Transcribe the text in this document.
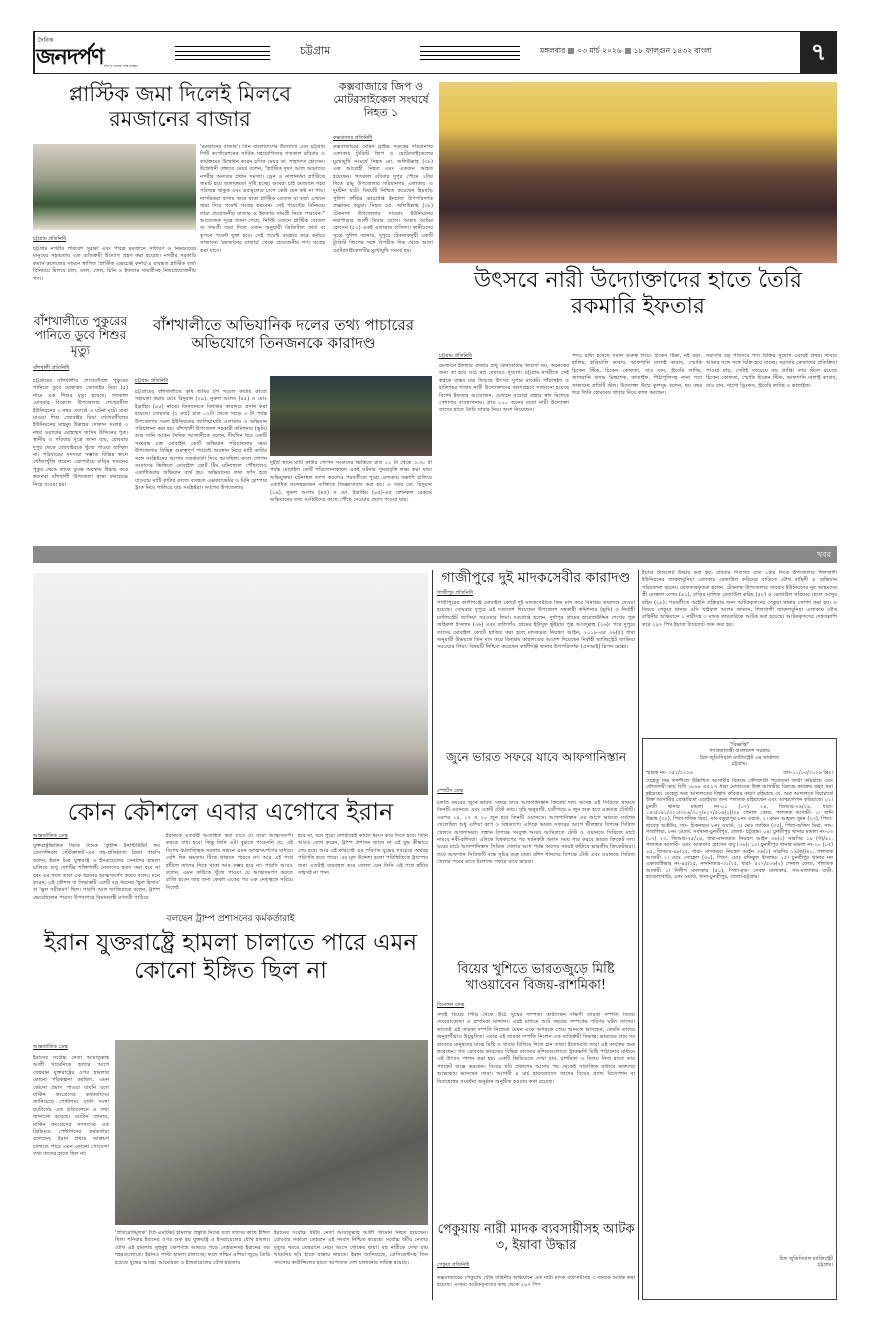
দৈনিক
জনদর্পণ সত্য ও ন্যায়ের পক্ষে সোচ্চার
চট্টগ্রাম	মঙ্গলবার ০৩ মার্চ ২০২৬ ১৮ ফাল্গুন ১৪৩২ বাংলা	৭
প্লাস্টিক জমা দিলেই মিলবে রমজানের বাজার
চট্টগ্রাম প্রতিনিধি
চট্টগ্রাম নগরীর পরিবেশ সুরক্ষা এবং পবিত্র রমজানে সাধারণ ও নিম্নআয়ের মানুষের সহায়তায় এক ব্যতিক্রমী উদ্যোগ গ্রহণ করা হয়েছে। নগরীর সরকারি কমার্স কলেজের সামনে স্থাপিত 'প্লাস্টিক এক্সচেঞ্জ কর্নার'এ ব্যবহৃত প্লাস্টিক বর্জ্য বিনিময়ে মিলবে চাল, ডাল, তেল, চিনি ও ইফতার সামগ্রীসহ নিত্যপ্রয়োজনীয় পণ্য।
'রমজানের বাজার'। গ্রিন বাংলাদেশের উদ্যোগে এবং চট্টগ্রাম সিটি কর্পোরেশনের সার্বিক সহযোগিতায় গতকাল রবিবার এ কার্যক্রমের উদ্বোধন করেন চসিক মেয়র ডা. শাহাদাত হোসেন। উদ্বোধনী বক্তব্যে মেয়র বলেন, "প্লাস্টিক দূষণ আজ আমাদের নগরীর অন্যতম প্রধান সমস্যা। ড্রেন ও নালানর্দমা প্লাস্টিকে জমাট হয়ে জলাবদ্ধতা সৃষ্টি হচ্ছে। আমরা চাই রমজানে শহর পরিচ্ছন্ন থাকুক এবং দ্রব্যমূল্যের চাপে কেউ যেন কষ্ট না পায়। নাগরিকরা বাসায় জমে থাকা প্লাস্টিক বোতল বা বর্জ্য এখানে জমা দিয়ে পয়েন্ট সংগ্রহ করবেন। সেই পয়েন্টের বিনিময়ে তারা প্রয়োজনীয় বাজার ও ইফতার সামগ্রী নিতে পারবেন।" আয়োজক সূত্রে জানা গেছে, নির্দিষ্ট ওজনে প্লাস্টিক বোতল বা সামগ্রী জমা দিলে ওজন অনুযায়ী ডিজিটাল কার্ড বা কুপনে পয়েন্ট যুক্ত হবে। সেই পয়েন্ট ব্যবহার করে কর্নারে সাজানো 'রমজানের বাজার' থেকে প্রয়োজনীয় পণ্য সংগ্রহ করা যাবে।
কক্সবাজারে জিপ ও মোটরসাইকেল সংঘর্ষে নিহত ১
কক্সবাজার প্রতিনিধি
কক্সবাজারের মেরিন ড্রাইভ সড়কের দরিয়ানগর এলাকায় ট্যুরিস্ট জিপ ও মোটরসাইকেলের মুখোমুখি সংঘর্ষে নিহত মো. অলিউল্লাহ (৩৮) এক আরোহী নিহত এবং একজন আহত হয়েছেন। গতকাল রবিবার দুপুর পৌনে ২টার দিকে রামু উপজেলার দরিয়ানগর এলাকায় এ দুর্ঘটনা ঘটে। বিষয়টি নিশ্চিত করেছেন হিমছড়ি পুলিশ ফাঁড়ির ভারপ্রাপ্ত ইনচার্জ উপপরিদর্শক প্রজ্ঞাকর বড়ুয়া। নিহত মো. অলিউল্লাহ (৩৮) টেকনাফ উপজেলার সাবরাং ইউনিয়নের নয়াপাড়ার আলী মিয়ার ছেলে। আহত আমির হোসেন (৫০) একই এলাকার বাসিন্দা। স্থানীয়দের সূত্রে পুলিশ জানায়, দুপুরে টেকনাফমুখী একটি ট্যুরিস্ট জিপের সঙ্গে বিপরীত দিক থেকে আসা মোটরসাইকেলটির মুখোমুখি সংঘর্ষ হয়।
উৎসবে নারী উদ্যোক্তাদের হাতে তৈরি রকমারি ইফতার
চট্টগ্রাম প্রতিনিধি
রমজানে ইফতার বাজার শুধু কেনাকাটার জায়গা নয়, অনেকের জন্য তা হয়ে ওঠে স্বপ্ন দেখারও সুযোগ। চট্টগ্রাম নগরীতে সেই স্বপ্নকে বাস্তব মঞ্চ দিয়েছে উৎসব সুপার মার্কেট। পাঁচলাইশ ও হালিশহর শাখায় নারী উদ্যোক্তাদের অংশগ্রহণে সাজানো হয়েছে বিশেষ ইফতার আয়োজন, যেখানে ঘরোয়া রান্নার স্বাদ মিশেছে পেশাদার ব্যবস্থাপনায়। প্রায় ২০০ জনের মতো নারী উদ্যোক্তা তাদের হাতে তৈরি খাবার নিয়ে অংশ নিয়েছেন।
পদও রাখা হয়েছে সমান গুরুত্ব দিয়ে। চিকেন টিক্কা, নই বড়া, হালিম, হারিয়ালি কাবাব, আফগানি মালাই কাবাব, স্মোকি চিকেন স্টিক, চিকেন কোফতা, বাও বান, স্ট্রবেরি লাচ্ছি, জাফরানি বাদাম মিল্কশেক, কাতাইফ, পিঠাপুলিসহ নানা পদে সাজানো প্রতিটি স্টল। উদ্যোক্তা উম্মে কুলসুম বলেন, ছয় বছর ধরে তিনি হোমমেড খাবার নিয়ে কাজ করছেন।
সরাসরি বড় পরিসরে পণ্য বিক্রির সুযোগ এবারই প্রথম। খাবার আনার সঙ্গে সঙ্গে বিক্রি হয়ে যাচ্ছে। সরাসরি ক্রেতাদের প্রতিক্রিয়া পাওয়া যায়, সেটাই সবচেয়ে বড় প্রাপ্তি। তার স্টলে রয়েছে চিকেন কোফতা, স্মোকি চিকেন স্টিক, আফগানি মালাই কাবাব, বাও বান, সাগো ড্রিংকস, স্ট্রবেরি লাচ্ছি ও কাতাইফ।
বাঁশখালীতে পুকুরের পানিতে ডুবে শিশুর মৃত্যু
বাঁশখালী প্রতিনিধি
চট্টগ্রামের বাঁশখালীর শেখেরখীলে পুকুরের পানিতে ডুবে মোহাম্মদ জোবাইর মিয়া (৫) নামে এক শিশুর মৃত্যু হয়েছে। গতকাল রোববার বিকেলে উপজেলার শেখেরখীল ইউনিয়নের ৩ নম্বর ওয়ার্ডে এ ঘটনা ঘটে। মারা যাওয়া শিশু জোবাইর মিয়া শেখেরখীলের ইউনিয়নের মাহমুদ উল্লাহর দোকান সংলগ্ন ৩ নম্বর ওয়ার্ডের মোহাম্মদ জসিম উদ্দিনের পুত্র। স্থানীয় ও পরিবার সূত্রে জানা যায়, রোববার দুপুর থেকে জোবাইরকে খুঁজে পাওয়া যাচ্ছিল না। পরিবারের সদস্যরা সম্ভাব্য বিভিন্ন স্থানে খোঁজাখুঁজি করেন। একপর্যায়ে বাড়ির সামনের পুকুর থেকে তাকে ডুবন্ত অবস্থায় উদ্ধার করে স্বজনরা বাঁশখালী উপজেলা স্বাস্থ্য কমপ্লেক্সে নিয়ে যাওয়া হয়।
বাঁশখালীতে অভিযানিক দলের তথ্য পাচারের অভিযোগে তিনজনকে কারাদণ্ড
চট্টগ্রাম প্রতিনিধি
চট্টগ্রামের বাঁশখালীতে কৃষি জমির টপ সয়েল কাটার কাজে সহায়তা করায় মোঃ রিদুয়ান (২৯), নুরুল আলম (৪৫) ও মোঃ ইব্রাহিম (৪৫) নামের তিনজনকে বিনাশ্রম কারাদণ্ড প্রদান করা হয়েছে। সোমবার (২ মার্চ) রাত ১২টা থেকে সাড়ে ৩ টা পর্যন্ত উপজেলার সরল ইউনিয়নের জালিয়াঘাটা এলাকায় এ অভিযান পরিচালনা করা হয়। বাঁশখালী উপজেলা সহকারী কমিশনার (ভূমি) শুভ্র সানি আকন দৈনিক আজাদীকে বলেন, দীর্ঘদিন ধরে একটি সংঘবদ্ধ চক্র মোবাইল কোর্ট অভিযান পরিচালনার সময় উপজেলার বিভিন্ন গুরুত্বপূর্ণ পয়েন্টে অবস্থান নিয়ে মাটি কাটার সঙ্গে সংশ্লিষ্টদের আগাম সতর্কবার্তা দিয়ে আসছিল। ফলে গোপন সংবাদের ভিত্তিতে মোবাইল কোর্ট টিম ঘটনাস্থলে পৌঁছালেও একাধিকবার অভিযান ব্যর্থ হয়। অভিযানের তথ্য ফাঁস হয়ে যাওয়ায় মাটি কাটার কাজে ব্যবহৃত এক্সক্যাভেটর ও মিনি ড্রাম্পার ট্রাক নিয়ে পালিয়ে যায় সংশ্লিষ্টরা। সর্বশেষ উপজেলার
দুইটি স্থানে মাটি কাটার গোপন সংবাদের ভিত্তিতে রাত ১২ টা থেকে ৩.৩০ টা পর্যন্ত মোবাইল কোর্ট পরিচালনাকালে একই ঘটনার পুনরাবৃত্তি লক্ষ্য করা যায়। অভিযুক্তরা ঘটনাস্থল ত্যাগ করলেও পরবর্তীতে পুরো এলাকায় তল্লাশি চালিয়ে একাধিক সন্দেহভাজন ব্যক্তিকে জিজ্ঞাসাবাদ করা হয়। এ সময় মো. রিদুয়ান (২৯), নুরুল আলম (৪৫) ও মো. ইব্রাহিম (৪৫)-এর ফোনকল রেকর্ডে অভিযানের তথ্য সংশ্লিষ্টদের কাছে পৌঁছে দেওয়ার প্রমাণ পাওয়া যায়।
খবর
কোন কৌশলে এবার এগোবে ইরান
আন্তর্জাতিক ডেস্ক
যুক্তরাষ্ট্রভিত্তিক থিংক ট্যাংক 'কুইন্সি ইনস্টিটিউট ফর রেসপন্সিবল স্টেটক্রাফট'-এর সহ-প্রতিষ্ঠাতা ত্রিতা পারসি বলেন, ইরান মিত্র যুক্তরাষ্ট্র ও ইসরায়েলের সেনাদের হামলা চালিয়ে শুধু দেশটির শক্তিশালী নেতাদের হত্যা করা হবে না বরং এর ফলে তারা এক ধরনের আত্মসমর্পণ করবে বলেও মনে করেন, এই কৌশল বা সিদ্ধান্তটি একটি বড় ধরনের 'ভুল হিসাব' বা 'ভুল সমীকরণ' ছিল। পারসি আল জাজিরাকে বলেন, ট্রাম্প ভেবেছিলেন পারস্য উপসাগরে বিমানবাহী রণতরী পাঠিয়ে
ইরানকে এতটাই আতঙ্কিত করা যাবে যে তারা আত্মসমর্পণ করতে বাধ্য হবে। কিন্তু তিনি এটা বুঝতে পারেননি যে, এই বিশেষ ধর্মতাত্ত্বিক সরকার সামনে এমন আত্মসমর্পণের মাধ্যমে বেশি দিন ক্ষমতায় টিকে থাকতে পারবে না। আর এই পথে হাঁটলে তাদের দিকে থাকা আর সম্ভব হবে না। পারসি আরও বলেন, এমন কাউকে খুঁজে পাওয়া যে আত্মসমর্পণ করতে রাজি হবেন তার জন্য কেবল একের পর এক নেতৃত্বকে সরিয়ে দিলেই
হবে না, বরং পুরো দেশটাকেই কার্যত ধ্বংস করে দিতে হবে। তিনি আরও যোগ করেন, ট্রাম্প প্রশাসন জানে না এই যুদ্ধ কীভাবে শেষ হবে। আর এই কারণেই এর পরিণাম যুদ্ধের সবচেয়ে অর্থবহ পরিণতি হতে পারে। এর মূল উদ্দেশ্য হলো পরিস্থিতিকে ট্রাম্পের জন্য এতটাই ব্যয়বহুল করে তোলা যেন তিনি এই পথে হাঁটার সাহসই না পান।
বলছেন ট্রাম্প প্রশাসনের কর্মকর্তারাই
ইরান যুক্তরাষ্ট্রে হামলা চালাতে পারে এমন কোনো ইঙ্গিত ছিল না
আন্তর্জাতিক ডেস্ক
ইরানের সর্বোচ্চ নেতা আয়াতুল্লাহ আলী খামেনিকে হত্যার আগে তেহরান যুক্তরাষ্ট্রের ওপর হামলার কোনো পরিকল্পনা করছিল, এমন কোনো প্রমাণ পাওয়া যায়নি বলে মার্কিন কংগ্রেসের কর্মকর্তাদের জানিয়েছে পেন্টাগন। বার্তা সংস্থা রয়টার্সের এক প্রতিবেদনে এ তথ্য জানানো হয়েছে। রয়টার্স জানায়, মার্কিন কংগ্রেসের সদস্যদের এক ব্রিফিংয়ে পেন্টাগনের কর্মকর্তারা বলেছেন, ইরান প্রথমে আক্রমণ চালাতে পারে এমন কোনো গোয়েন্দা তথ্য তাদের হাতে ছিল না।
'প্রতিরোধমূলক' (প্রি-এমটিভ) হামলার প্রস্তুতি নিচ্ছে বলে তাদের কাছে ইঙ্গিত ছিল। শনিবার ইরানের ওপর শুরু হয় যুক্তরাষ্ট্র ও ইসরায়েলের যৌথ হামলা। যৌথ এই হামলায় মুহুর্মুহু ক্ষেপণাস্ত্র আছড়ে পড়ে তেহরানসহ ইরানের বড় শহরগুলোতে। ইরানও পাল্টা হামলা চালাচ্ছে; ফলে পশ্চিম এশিয়া জুড়ে তৈরি হয়েছে যুদ্ধের আবহ। আমেরিকা ও ইজরায়েলের যৌথ হামলায়
ইরানের সর্বোচ্চ ধর্মীয় নেতা আয়াতুল্লাহ আলী খামেনি নিহত হয়েছেন। রোববার সকালে তেহরান এই সংবাদ নিশ্চিত করেছে। সর্বোচ্চ ধর্মীয় নেতার মৃত্যুর খবরে তেহরানে নেমে আসে শোকের ছায়া। বহু নারীকে দেখা যায় খামেনির ছবি হাতে রাস্তায় নামতে। ইরান জানিয়েছে, প্রেসিডেন্টসহ তিন সদস্যের কাউন্সিলের হাতে আপাতত দেশ চালানোর দায়িত্ব রয়েছে।
গাজীপুরে দুই মাদকসেবীর কারাদণ্ড
গাজীপুর প্রতিনিধি
গাজীপুরের কালীগঞ্জে মোবাইল কোর্টে দুই মাদকসেবীকে তিন মাস করে বিনাশ্রম কারাদণ্ড দেওয়া হয়েছে। সোমবার দুপুরে এই দণ্ডাদেশ দিয়েছেন উপজেলা সহকারী কমিশনার (ভূমি) ও নির্বাহী ম্যাজিস্ট্রেট জাকিয়া সরওয়ার লিমা। দণ্ডপ্রাপ্ত হলেন, দুর্গাপুর গ্রামের হারেজউদ্দিন শেখের পুত্র জহিরুল ইসলাম (৩৬) এবং বালিগাঁও গ্রামের ইউসুফ ভূঁইয়ার পুত্র আবদুল্লাহ (২৬)। পরে দুপুরে তাদের মোবাইল কোর্টে হাজির করা হলে মাদকদ্রব্য নিয়ন্ত্রণ আইন, ২০১৮-এর ৩৬(৫) ধারা অনুযায়ী উভয়কে তিন মাস করে বিনাশ্রম কারাদণ্ডের আদেশ দিয়েছেন নির্বাহী ম্যাজিস্ট্রেট জাকিয়া সরওয়ার লিমা। বিষয়টি নিশ্চিত করেছেন কালীগঞ্জ থানার উপপরিদর্শক (এসআই) রিপন মোল্লা।
ইয়াবা ট্যাবলেট উদ্ধার করা হয়। রবিবার দিবাগত রাত ১টার দিকে উপজেলার শিলখালী ইউনিয়নের জারুলবুনিয়া এলাকার রেজাউল করিমের বাড়িতে যৌথ বাহিনী এ অভিযান পরিচালনা করেন। গ্রেফতারকৃতরা হলেন, টেকনাফ উপজেলার সাবরাং ইউনিয়নের নুর আহমদের স্ত্রী মোস্তফা বেগম (৪১), বাড়ির মালিক রেজাউল করিম (৫৮) ও রেজাউল করিমের ছেলে আব্দুর রহিম (২৮)। পরবর্তীতে আইনি প্রক্রিয়ার জন্য আটককৃতদের পেকুয়া থানায় সোপর্দ করা হয়। এ বিষয়ে পেকুয়া থানার ওসি খাইরুল আলম জানান, শিলখালী জারুলবুনিয়া এলাকায় যৌথ বাহিনীর অভিযানে ১ নারীসহ ৩ মাদক কারবারিকে আটক করা হয়েছে। আটককৃতদের দেহতল্লাশি করে ২৯৭ পিস ইয়াবা ট্যাবলেট জব্দ করা হয়।
"বিজ্ঞপ্তি"
গণপ্রজাতন্ত্রী বাংলাদেশ সরকার
চিফ জুডিসিয়াল ম্যাজিস্ট্রেট এর কার্যালয়
চট্টগ্রাম।
স্মারক নং- ৩৫২/২০২৬	তাং-০১/০৩/২০২৬ খ্রিঃ।
যেহেতু নিম্ন তফশীলে উল্লিখিত আসামীর বিরুদ্ধে ফৌজদারী পরোয়ানা জারী করিয়াছে এবং ফৌজদারী কার্য বিধি ১৮৯৮ এর ৮৭ ধারা মোতাবেক উক্ত আসামীর বিরুদ্ধে কার্যক্রম গ্রহণ করা হইয়াছে। যেহেতু অত্র আদালতের বিশ্বাস করিবার কারণ রহিয়াছে যে, অত্র আদালতে বিচারার্থে উক্ত আসামীর গ্রেপ্তারিতা এড়াইবার জন্য পলাতক রহিয়াছেন এবং আত্মগোপন করিয়াছে। ০১। চুনতী থানার মামলা নং-০১ (০৭) ২৪, জিআর-৭৬/২৪, ধারা- ১৪৩/৩৪১/৩২৩/৩২৬/৩০৭/৪২৭/৫০৬(২)/৩৪ পেনাল কোড, পলাতক আসামী- ১। জনি উল্লাহ (৩২), পিতা-শফিক মিয়া, সাং-বড়ুয়াপুর ৮নং ওয়ার্ড, ২। রুমন আহমদ সুমন (২৩), পিতা-ছাবেক আইউব, সাং- চিকনছড়া ৮নং ওয়ার্ড, ৩। মোঃ জাকির (৩৫), পিতা-অজিদ মিয়া, সাং-গজালিয়া, ৮নং ওয়ার্ড, সর্বথানা-চুনতীপুর, জেলা- চট্টগ্রাম। ০৪। চুনতীপুর থানার মামলা নং-০৩ (০৭) ২৩, জিআর-৭৫/২৪, ধারা-মাদকদ্রব্য নিয়ন্ত্রণ আইন ৩৬(১) সারণির ১৯ (গ)/৪১, পলাতক আসামী- মোঃ আফতাব হোসেন বাবু (৩৬)। ১৩। চুনতীপুর থানার মামলা নং-১০ (০৫) ২৫, জিআর-৪৮/২৫, ধারা- মাদকদ্রব্য নিয়ন্ত্রণ আইন ৩৬(১) সারণির ১৯(ক)/৪১, পলাতক আসামী ১। মোঃ সোহেল (৩০), পিতা- মোঃ রফিকুল ইসলাম। ১৫। চুনতীপুর থানার নন একজাক্টিভার নং-৪৫/২৫, নন্দনিজার-৩১/২৫, ধারা- ৪২৭/৫০৬(২) পেনাল কোড, পলাতক আসামী ১। দিলীপ মালাকার (৫০), পিতা-মৃত- সেবস্থ মালাকার, সাং-মালাকার বাড়ী, হাজেলাবাড়ি, ৫নং ওয়ার্ড, থানা-চুনতীপুর, জেলা-চট্টগ্রাম।
চিফ জুডিসিয়াল ম্যাজিস্ট্রেট
চট্টগ্রাম।
জুনে ভারত সফরে যাবে আফগানিস্তান
স্পোর্টস ডেস্ক
চলতি বছরের জুনে ভারত সফরে যাবে আফগানিস্তান ক্রিকেট দল। আসন্ন এই সিরিজে থাকছে তিনটি ওয়ানডে এবং একটি টেস্ট ম্যাচ। সূচি অনুযায়ী, চণ্ডীগড়ে ৬ জুন শুরু হবে একমাত্র টেস্টটি। এরপর ১৪, ১৭ ও ২০ জুন হবে তিনটি ওয়ানডে। আফগানিস্তান এর আগে ভারতে সর্বশেষ খেলেছিল শুধু এশিয়া কাপ ও বিশ্বকাপে। এদিকে ভারত সফরের আগে শ্রীলঙ্কার বিপক্ষে সিরিজ খেলবে আফগানরা। লঙ্কান বিপক্ষে সংযুক্ত আরব আমিরাতে টেস্ট ও ওয়ানডে সিরিজে মাঠে নামবে নবী-রশিদরা। এদিকে বিশ্বকাপের পর খানিকটা অলস সময় পার করবে ভারত ক্রিকেট দল। ঘরের মাঠে আফগানিস্তান সিরিজ খেলার আগ পর্যন্ত অবসর সময়ই কাটাবে ভারতীয় ক্রিকেটাররা। তবে আফগান সিরিজটি ব্যস্ত সূচির শুরু মাত্র। রশিদ খানদের বিপক্ষে টেস্ট এবং ওয়ানডে সিরিজ খেলার পরের মাসে ইংল্যান্ড সফরে যাবে ভারত।
বিয়ের খুশিতে ভারতজুড়ে মিষ্টি খাওয়াবেন বিজয়-রাশমিকা!
বিনোদন ডেস্ক
সদ্যই বিয়ের পিঁড়ি থেকে উঠে সুখের দাম্পত্য কাটাচ্ছেন দক্ষিণী তারকা দম্পতি বিজয় দেবেরাকোন্ডা ও রাশমিকা মান্দানা। এরই মাধ্যমে আট বছরের সম্পর্কের পরিণয় ঘটল তাদের। কাজেই এই তারকা দম্পতি নিজেরা যেমন একে অপরকে পেয়ে আনন্দে ভাসছেন, তেমনি তাদের অনুরাগীরাও উচ্ছ্বসিত। এবার এই তারকা দম্পতি নিলেন এক ব্যতিক্রমী সিদ্ধান্ত; ভারতের প্রায় সব রাজ্যের মানুষদের মাঝে মিষ্টি ও খাবার বিলিয়ে দিতে চান তারা। ইতোমধ্যে তারা এই কার্যক্রম শুরু করেছেন। গত রোববার ভারতের বিভিন্ন রাজ্যের মন্দিরগুলোতে ট্রাকভর্তি মিষ্টি পাঠানোর মাধ্যমে এই উৎসব পালন করা হয়। একটি ভিডিওতে দেখা যায়, রাশমিকা ও বিজয় নিজ হাতে তার প্যাকেট বাক্সে ভরছেন। বিয়ের ছবি প্রকাশের আসার পর থেকেই সামাজিক মাধ্যমে ভক্তদের শুভেচ্ছায় ভাসছেন তারা। আগামী ৪ মার্চ হায়দরাবাদে তাদের বিয়ের গ্র্যান্ড রিসেপশন বা বিবাহোত্তর সংবর্ধনা অনুষ্ঠান অনুষ্ঠিত হওয়ার কথা রয়েছে।
পেকুয়ায় নারী মাদক ব্যবসায়ীসহ আটক ৩, ইয়াবা উদ্ধার
পেকুয়া প্রতিনিধি
কক্সবাজারের পেকুয়ায় যৌথ বাহিনীর অভিযানে এক নারী মাদক ব্যবসায়ীসহ ৩ জনকে আটক করা হয়েছে। এসময় আটককৃতদের কাছ থেকে ২৯৭ পিস
